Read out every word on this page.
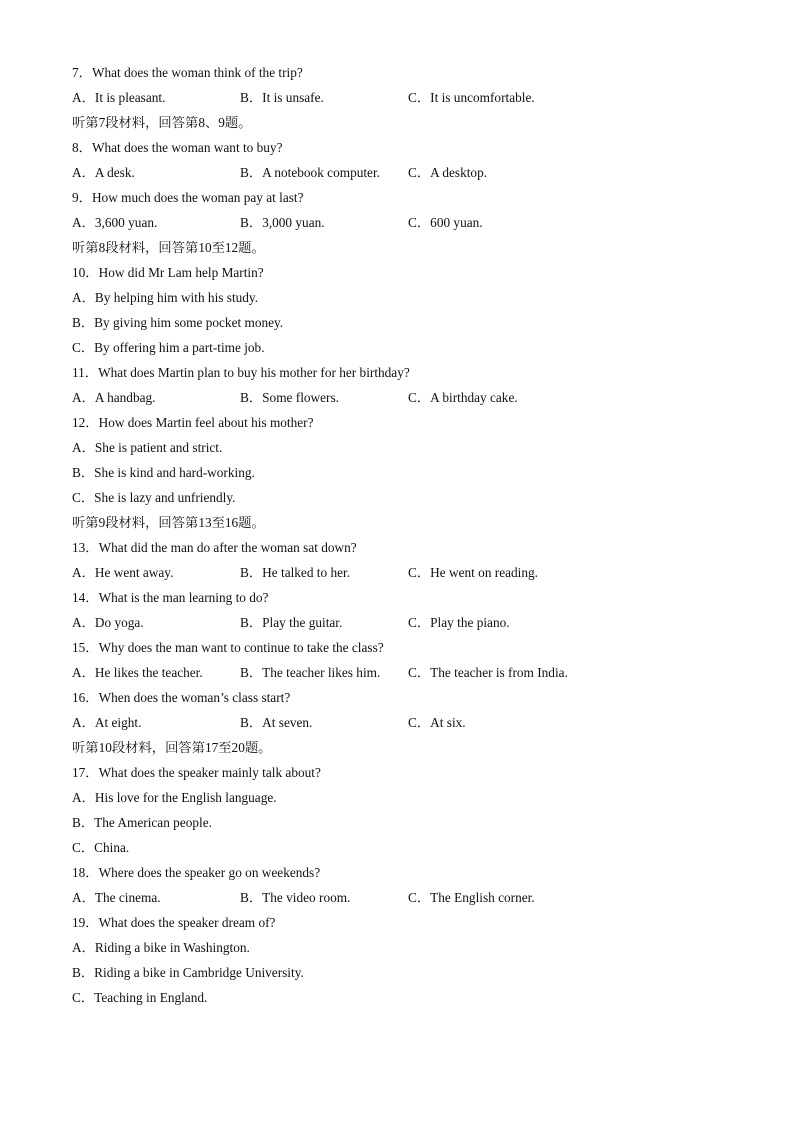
7．What does the woman think of the trip?
A．It is pleasant.	B．It is unsafe.	C．It is uncomfortable.
听第7段材料，回答第8、9题。
8．What does the woman want to buy?
A．A desk.	B．A notebook computer. C．A desktop.
9．How much does the woman pay at last?
A．3,600 yuan.	B．3,000 yuan.	C．600 yuan.
听第8段材料，回答第10至12题。
10．How did Mr Lam help Martin?
A．By helping him with his study.
B．By giving him some pocket money.
C．By offering him a part-time job.
11．What does Martin plan to buy his mother for her birthday?
A．A handbag.	B．Some flowers.	C．A birthday cake.
12．How does Martin feel about his mother?
A．She is patient and strict.
B．She is kind and hard-working.
C．She is lazy and unfriendly.
听第9段材料，回答第13至16题。
13．What did the man do after the woman sat down?
A．He went away.	B．He talked to her.	C．He went on reading.
14．What is the man learning to do?
A．Do yoga.	B．Play the guitar.	C．Play the piano.
15．Why does the man want to continue to take the class?
A．He likes the teacher.	B．The teacher likes him. C．The teacher is from India.
16．When does the woman’s class start?
A．At eight.	B．At seven.	C．At six.
听第10段材料，回答第17至20题。
17．What does the speaker mainly talk about?
A．His love for the English language.
B．The American people.
C．China.
18．Where does the speaker go on weekends?
A．The cinema.	B．The video room.	C．The English corner.
19．What does the speaker dream of?
A．Riding a bike in Washington.
B．Riding a bike in Cambridge University.
C．Teaching in England.
